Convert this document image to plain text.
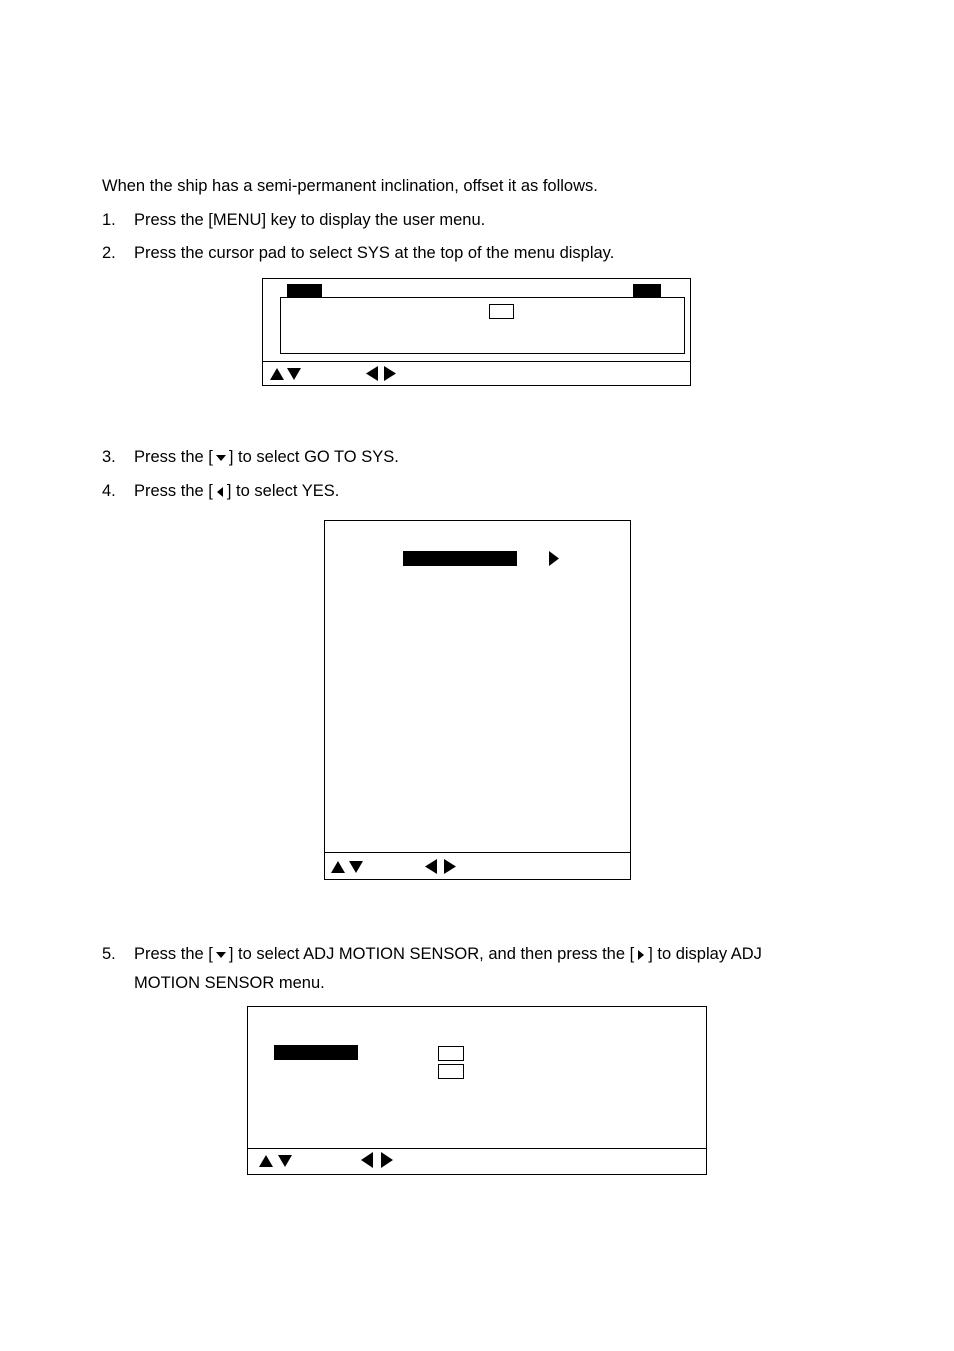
When the ship has a semi-permanent inclination, offset it as follows.
1. Press the [MENU] key to display the user menu.
2. Press the cursor pad to select SYS at the top of the menu display.
3. Press the [ ] to select GO TO SYS.
4. Press the [ ] to select YES.
5. Press the [ ] to select ADJ MOTION SENSOR, and then press the [ ] to display ADJ
MOTION SENSOR menu.
